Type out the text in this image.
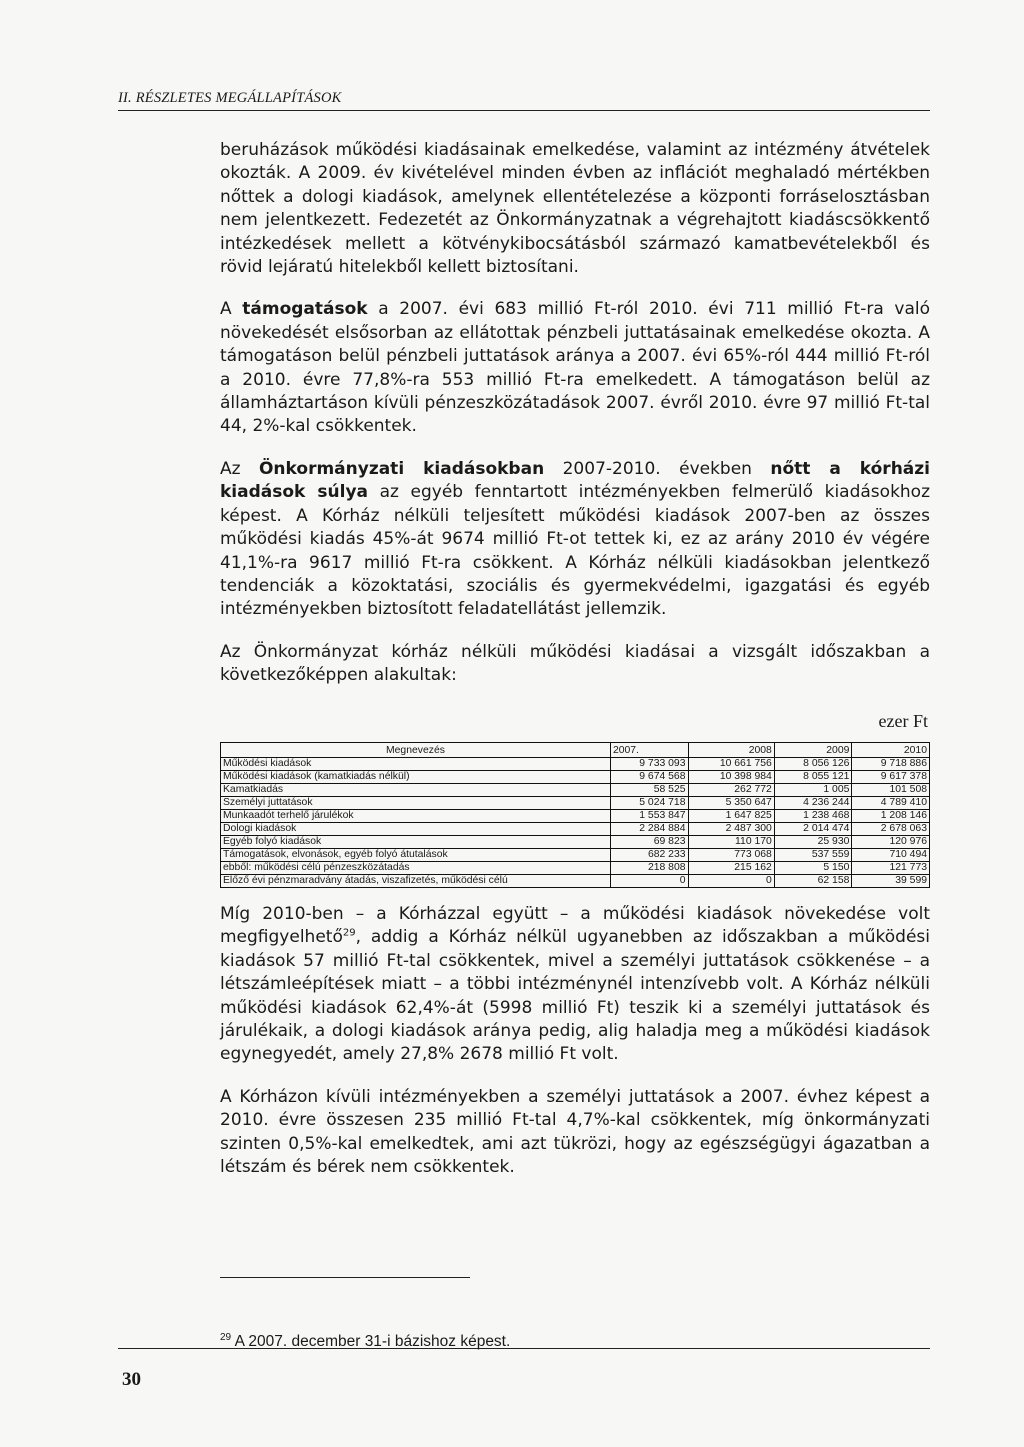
II. RÉSZLETES MEGÁLLAPÍTÁSOK

beruházások működési kiadásainak emelkedése, valamint az intézmény átvételek okozták. A 2009. év kivételével minden évben az inflációt meghaladó mértékben nőttek a dologi kiadások, amelynek ellentételezése a központi forráselosztásban nem jelentkezett. Fedezetét az Önkormányzatnak a végrehajtott kiadáscsökkentő intézkedések mellett a kötvénykibocsátásból származó kamatbevételekből és rövid lejáratú hitelekből kellett biztosítani.

A támogatások a 2007. évi 683 millió Ft-ról 2010. évi 711 millió Ft-ra való növekedését elsősorban az ellátottak pénzbeli juttatásainak emelkedése okozta. A támogatáson belül pénzbeli juttatások aránya a 2007. évi 65%-ról 444 millió Ft-ról a 2010. évre 77,8%-ra 553 millió Ft-ra emelkedett. A támogatáson belül az államháztartáson kívüli pénzeszközátadások 2007. évről 2010. évre 97 millió Ft-tal 44, 2%-kal csökkentek.

Az Önkormányzati kiadásokban 2007-2010. években nőtt a kórházi kiadások súlya az egyéb fenntartott intézményekben felmerülő kiadásokhoz képest. A Kórház nélküli teljesített működési kiadások 2007-ben az összes működési kiadás 45%-át 9674 millió Ft-ot tettek ki, ez az arány 2010 év végére 41,1%-ra 9617 millió Ft-ra csökkent. A Kórház nélküli kiadásokban jelentkező tendenciák a közoktatási, szociális és gyermekvédelmi, igazgatási és egyéb intézményekben biztosított feladatellátást jellemzik.

Az Önkormányzat kórház nélküli működési kiadásai a vizsgált időszakban a következőképpen alakultak:

ezer Ft
Megnevezés	2007.	2008	2009	2010
Működési kiadások	9 733 093	10 661 756	8 056 126	9 718 886
Működési kiadások (kamatkiadás nélkül)	9 674 568	10 398 984	8 055 121	9 617 378
Kamatkiadás	58 525	262 772	1 005	101 508
Személyi juttatások	5 024 718	5 350 647	4 236 244	4 789 410
Munkaadót terhelő járulékok	1 553 847	1 647 825	1 238 468	1 208 146
Dologi kiadások	2 284 884	2 487 300	2 014 474	2 678 063
Egyéb folyó kiadások	69 823	110 170	25 930	120 976
Támogatások, elvonások, egyéb folyó átutalások	682 233	773 068	537 559	710 494
ebből: működési célú pénzeszközátadás	218 808	215 162	5 150	121 773
Előző évi pénzmaradvány átadás, viszafizetés, működési célú	0	0	62 158	39 599

Míg 2010-ben – a Kórházzal együtt – a működési kiadások növekedése volt megfigyelhető$^{29}$, addig a Kórház nélkül ugyanebben az időszakban a működési kiadások 57 millió Ft-tal csökkentek, mivel a személyi juttatások csökkenése – a létszámleépítések miatt – a többi intézménynél intenzívebb volt. A Kórház nélküli működési kiadások 62,4%-át (5998 millió Ft) teszik ki a személyi juttatások és járulékaik, a dologi kiadások aránya pedig, alig haladja meg a működési kiadások egynegyedét, amely 27,8% 2678 millió Ft volt.

A Kórházon kívüli intézményekben a személyi juttatások a 2007. évhez képest a 2010. évre összesen 235 millió Ft-tal 4,7%-kal csökkentek, míg önkormányzati szinten 0,5%-kal emelkedtek, ami azt tükrözi, hogy az egészségügyi ágazatban a létszám és bérek nem csökkentek.

$^{29}$ A 2007. december 31-i bázishoz képest.
30
